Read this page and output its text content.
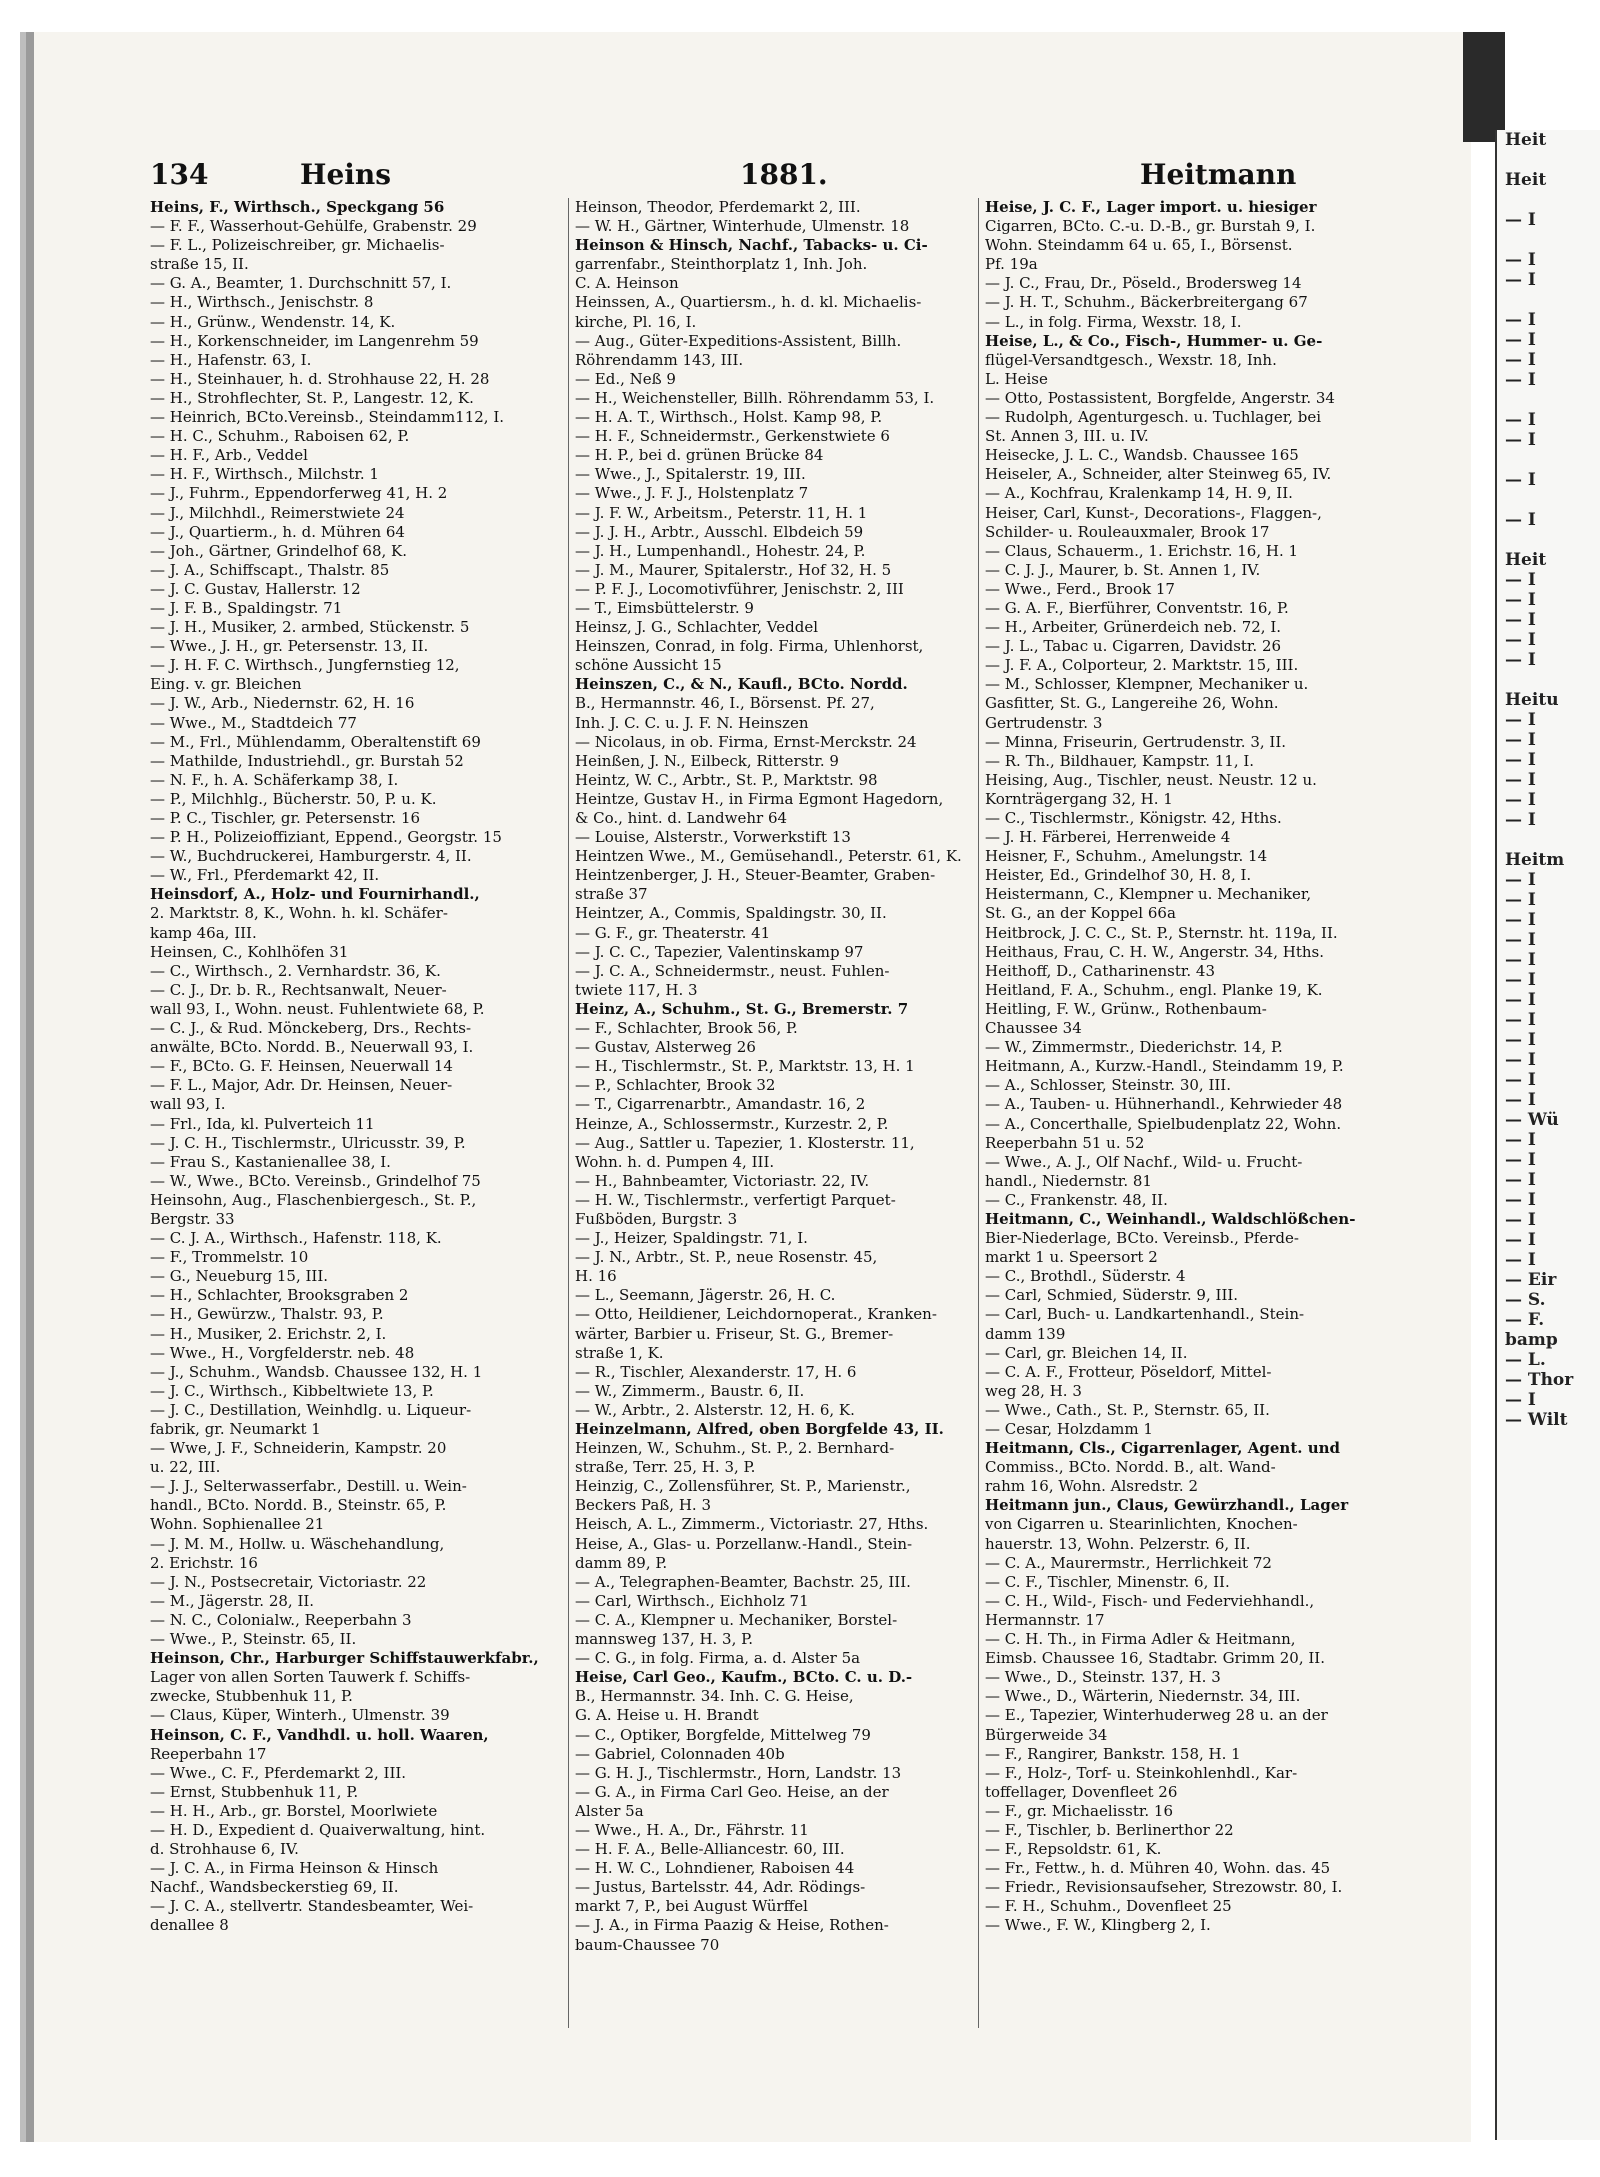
134	Heins	1881.	Heitmann
Heins, F., Wirthsch., Speckgang 56
— F. F., Wasserhout-Gehülfe, Grabenstr. 29
— F. L., Polizeischreiber, gr. Michaelis-
straße 15, II.
— G. A., Beamter, 1. Durchschnitt 57, I.
— H., Wirthsch., Jenischstr. 8
— H., Grünw., Wendenstr. 14, K.
— H., Korkenschneider, im Langenrehm 59
— H., Hafenstr. 63, I.
— H., Steinhauer, h. d. Strohhause 22, H. 28
— H., Strohflechter, St. P., Langestr. 12, K.
— Heinrich, BCto.Vereinsb., Steindamm112, I.
— H. C., Schuhm., Raboisen 62, P.
— H. F., Arb., Veddel
— H. F., Wirthsch., Milchstr. 1
— J., Fuhrm., Eppendorferweg 41, H. 2
— J., Milchhdl., Reimerstwiete 24
— J., Quartierm., h. d. Mühren 64
— Joh., Gärtner, Grindelhof 68, K.
— J. A., Schiffscapt., Thalstr. 85
— J. C. Gustav, Hallerstr. 12
— J. F. B., Spaldingstr. 71
— J. H., Musiker, 2. armbed, Stückenstr. 5
— Wwe., J. H., gr. Petersenstr. 13, II.
— J. H. F. C. Wirthsch., Jungfernstieg 12,
Eing. v. gr. Bleichen
— J. W., Arb., Niedernstr. 62, H. 16
— Wwe., M., Stadtdeich 77
— M., Frl., Mühlendamm, Oberaltenstift 69
— Mathilde, Industriehdl., gr. Burstah 52
— N. F., h. A. Schäferkamp 38, I.
— P., Milchhlg., Bücherstr. 50, P. u. K.
— P. C., Tischler, gr. Petersenstr. 16
— P. H., Polizeioffiziant, Eppend., Georgstr. 15
— W., Buchdruckerei, Hamburgerstr. 4, II.
— W., Frl., Pferdemarkt 42, II.
Heinsdorf, A., Holz- und Fournirhandl.,
2. Marktstr. 8, K., Wohn. h. kl. Schäfer-
kamp 46a, III.
Heinsen, C., Kohlhöfen 31
— C., Wirthsch., 2. Vernhardstr. 36, K.
— C. J., Dr. b. R., Rechtsanwalt, Neuer-
wall 93, I., Wohn. neust. Fuhlentwiete 68, P.
— C. J., & Rud. Mönckeberg, Drs., Rechts-
anwälte, BCto. Nordd. B., Neuerwall 93, I.
— F., BCto. G. F. Heinsen, Neuerwall 14
— F. L., Major, Adr. Dr. Heinsen, Neuer-
wall 93, I.
— Frl., Ida, kl. Pulverteich 11
— J. C. H., Tischlermstr., Ulricusstr. 39, P.
— Frau S., Kastanienallee 38, I.
— W., Wwe., BCto. Vereinsb., Grindelhof 75
Heinsohn, Aug., Flaschenbiergesch., St. P.,
Bergstr. 33
— C. J. A., Wirthsch., Hafenstr. 118, K.
— F., Trommelstr. 10
— G., Neueburg 15, III.
— H., Schlachter, Brooksgraben 2
— H., Gewürzw., Thalstr. 93, P.
— H., Musiker, 2. Erichstr. 2, I.
— Wwe., H., Vorgfelderstr. neb. 48
— J., Schuhm., Wandsb. Chaussee 132, H. 1
— J. C., Wirthsch., Kibbeltwiete 13, P.
— J. C., Destillation, Weinhdlg. u. Liqueur-
fabrik, gr. Neumarkt 1
— Wwe, J. F., Schneiderin, Kampstr. 20
u. 22, III.
— J. J., Selterwasserfabr., Destill. u. Wein-
handl., BCto. Nordd. B., Steinstr. 65, P.
Wohn. Sophienallee 21
— J. M. M., Hollw. u. Wäschehandlung,
2. Erichstr. 16
— J. N., Postsecretair, Victoriastr. 22
— M., Jägerstr. 28, II.
— N. C., Colonialw., Reeperbahn 3
— Wwe., P., Steinstr. 65, II.
Heinson, Chr., Harburger Schiffstauwerkfabr.,
Lager von allen Sorten Tauwerk f. Schiffs-
zwecke, Stubbenhuk 11, P.
— Claus, Küper, Winterh., Ulmenstr. 39
Heinson, C. F., Vandhdl. u. holl. Waaren,
Reeperbahn 17
— Wwe., C. F., Pferdemarkt 2, III.
— Ernst, Stubbenhuk 11, P.
— H. H., Arb., gr. Borstel, Moorlwiete
— H. D., Expedient d. Quaiverwaltung, hint.
d. Strohhause 6, IV.
— J. C. A., in Firma Heinson & Hinsch
Nachf., Wandsbeckerstieg 69, II.
— J. C. A., stellvertr. Standesbeamter, Wei-
denallee 8
Heinson, Theodor, Pferdemarkt 2, III.
— W. H., Gärtner, Winterhude, Ulmenstr. 18
Heinson & Hinsch, Nachf., Tabacks- u. Ci-
garrenfabr., Steinthorplatz 1, Inh. Joh.
C. A. Heinson
Heinssen, A., Quartiersm., h. d. kl. Michaelis-
kirche, Pl. 16, I.
— Aug., Güter-Expeditions-Assistent, Billh.
Röhrendamm 143, III.
— Ed., Neß 9
— H., Weichensteller, Billh. Röhrendamm 53, I.
— H. A. T., Wirthsch., Holst. Kamp 98, P.
— H. F., Schneidermstr., Gerkenstwiete 6
— H. P., bei d. grünen Brücke 84
— Wwe., J., Spitalerstr. 19, III.
— Wwe., J. F. J., Holstenplatz 7
— J. F. W., Arbeitsm., Peterstr. 11, H. 1
— J. J. H., Arbtr., Ausschl. Elbdeich 59
— J. H., Lumpenhandl., Hohestr. 24, P.
— J. M., Maurer, Spitalerstr., Hof 32, H. 5
— P. F. J., Locomotivführer, Jenischstr. 2, III
— T., Eimsbüttelerstr. 9
Heinsz, J. G., Schlachter, Veddel
Heinszen, Conrad, in folg. Firma, Uhlenhorst,
schöne Aussicht 15
Heinszen, C., & N., Kaufl., BCto. Nordd.
B., Hermannstr. 46, I., Börsenst. Pf. 27,
Inh. J. C. C. u. J. F. N. Heinszen
— Nicolaus, in ob. Firma, Ernst-Merckstr. 24
Heinßen, J. N., Eilbeck, Ritterstr. 9
Heintz, W. C., Arbtr., St. P., Marktstr. 98
Heintze, Gustav H., in Firma Egmont Hagedorn,
& Co., hint. d. Landwehr 64
— Louise, Alsterstr., Vorwerkstift 13
Heintzen Wwe., M., Gemüsehandl., Peterstr. 61, K.
Heintzenberger, J. H., Steuer-Beamter, Graben-
straße 37
Heintzer, A., Commis, Spaldingstr. 30, II.
— G. F., gr. Theaterstr. 41
— J. C. C., Tapezier, Valentinskamp 97
— J. C. A., Schneidermstr., neust. Fuhlen-
twiete 117, H. 3
Heinz, A., Schuhm., St. G., Bremerstr. 7
— F., Schlachter, Brook 56, P.
— Gustav, Alsterweg 26
— H., Tischlermstr., St. P., Marktstr. 13, H. 1
— P., Schlachter, Brook 32
— T., Cigarrenarbtr., Amandastr. 16, 2
Heinze, A., Schlossermstr., Kurzestr. 2, P.
— Aug., Sattler u. Tapezier, 1. Klosterstr. 11,
Wohn. h. d. Pumpen 4, III.
— H., Bahnbeamter, Victoriastr. 22, IV.
— H. W., Tischlermstr., verfertigt Parquet-
Fußböden, Burgstr. 3
— J., Heizer, Spaldingstr. 71, I.
— J. N., Arbtr., St. P., neue Rosenstr. 45,
H. 16
— L., Seemann, Jägerstr. 26, H. C.
— Otto, Heildiener, Leichdornoperat., Kranken-
wärter, Barbier u. Friseur, St. G., Bremer-
straße 1, K.
— R., Tischler, Alexanderstr. 17, H. 6
— W., Zimmerm., Baustr. 6, II.
— W., Arbtr., 2. Alsterstr. 12, H. 6, K.
Heinzelmann, Alfred, oben Borgfelde 43, II.
Heinzen, W., Schuhm., St. P., 2. Bernhard-
straße, Terr. 25, H. 3, P.
Heinzig, C., Zollensführer, St. P., Marienstr.,
Beckers Paß, H. 3
Heisch, A. L., Zimmerm., Victoriastr. 27, Hths.
Heise, A., Glas- u. Porzellanw.-Handl., Stein-
damm 89, P.
— A., Telegraphen-Beamter, Bachstr. 25, III.
— Carl, Wirthsch., Eichholz 71
— C. A., Klempner u. Mechaniker, Borstel-
mannsweg 137, H. 3, P.
— C. G., in folg. Firma, a. d. Alster 5a
Heise, Carl Geo., Kaufm., BCto. C. u. D.-
B., Hermannstr. 34. Inh. C. G. Heise,
G. A. Heise u. H. Brandt
— C., Optiker, Borgfelde, Mittelweg 79
— Gabriel, Colonnaden 40b
— G. H. J., Tischlermstr., Horn, Landstr. 13
— G. A., in Firma Carl Geo. Heise, an der
Alster 5a
— Wwe., H. A., Dr., Fährstr. 11
— H. F. A., Belle-Alliancestr. 60, III.
— H. W. C., Lohndiener, Raboisen 44
— Justus, Bartelsstr. 44, Adr. Rödings-
markt 7, P., bei August Würffel
— J. A., in Firma Paazig & Heise, Rothen-
baum-Chaussee 70
Heise, J. C. F., Lager import. u. hiesiger
Cigarren, BCto. C.-u. D.-B., gr. Burstah 9, I.
Wohn. Steindamm 64 u. 65, I., Börsenst.
Pf. 19a
— J. C., Frau, Dr., Pöseld., Brodersweg 14
— J. H. T., Schuhm., Bäckerbreitergang 67
— L., in folg. Firma, Wexstr. 18, I.
Heise, L., & Co., Fisch-, Hummer- u. Ge-
flügel-Versandtgesch., Wexstr. 18, Inh.
L. Heise
— Otto, Postassistent, Borgfelde, Angerstr. 34
— Rudolph, Agenturgesch. u. Tuchlager, bei
St. Annen 3, III. u. IV.
Heisecke, J. L. C., Wandsb. Chaussee 165
Heiseler, A., Schneider, alter Steinweg 65, IV.
— A., Kochfrau, Kralenkamp 14, H. 9, II.
Heiser, Carl, Kunst-, Decorations-, Flaggen-,
Schilder- u. Rouleauxmaler, Brook 17
— Claus, Schauerm., 1. Erichstr. 16, H. 1
— C. J. J., Maurer, b. St. Annen 1, IV.
— Wwe., Ferd., Brook 17
— G. A. F., Bierführer, Conventstr. 16, P.
— H., Arbeiter, Grünerdeich neb. 72, I.
— J. L., Tabac u. Cigarren, Davidstr. 26
— J. F. A., Colporteur, 2. Marktstr. 15, III.
— M., Schlosser, Klempner, Mechaniker u.
Gasfitter, St. G., Langereihe 26, Wohn.
Gertrudenstr. 3
— Minna, Friseurin, Gertrudenstr. 3, II.
— R. Th., Bildhauer, Kampstr. 11, I.
Heising, Aug., Tischler, neust. Neustr. 12 u.
Kornträgergang 32, H. 1
— C., Tischlermstr., Königstr. 42, Hths.
— J. H. Färberei, Herrenweide 4
Heisner, F., Schuhm., Amelungstr. 14
Heister, Ed., Grindelhof 30, H. 8, I.
Heistermann, C., Klempner u. Mechaniker,
St. G., an der Koppel 66a
Heitbrock, J. C. C., St. P., Sternstr. ht. 119a, II.
Heithaus, Frau, C. H. W., Angerstr. 34, Hths.
Heithoff, D., Catharinenstr. 43
Heitland, F. A., Schuhm., engl. Planke 19, K.
Heitling, F. W., Grünw., Rothenbaum-
Chaussee 34
— W., Zimmermstr., Diederichstr. 14, P.
Heitmann, A., Kurzw.-Handl., Steindamm 19, P.
— A., Schlosser, Steinstr. 30, III.
— A., Tauben- u. Hühnerhandl., Kehrwieder 48
— A., Concerthalle, Spielbudenplatz 22, Wohn.
Reeperbahn 51 u. 52
— Wwe., A. J., Olf Nachf., Wild- u. Frucht-
handl., Niedernstr. 81
— C., Frankenstr. 48, II.
Heitmann, C., Weinhandl., Waldschlößchen-
Bier-Niederlage, BCto. Vereinsb., Pferde-
markt 1 u. Speersort 2
— C., Brothdl., Süderstr. 4
— Carl, Schmied, Süderstr. 9, III.
— Carl, Buch- u. Landkartenhandl., Stein-
damm 139
— Carl, gr. Bleichen 14, II.
— C. A. F., Frotteur, Pöseldorf, Mittel-
weg 28, H. 3
— Wwe., Cath., St. P., Sternstr. 65, II.
— Cesar, Holzdamm 1
Heitmann, Cls., Cigarrenlager, Agent. und
Commiss., BCto. Nordd. B., alt. Wand-
rahm 16, Wohn. Alsredstr. 2
Heitmann jun., Claus, Gewürzhandl., Lager
von Cigarren u. Stearinlichten, Knochen-
hauerstr. 13, Wohn. Pelzerstr. 6, II.
— C. A., Maurermstr., Herrlichkeit 72
— C. F., Tischler, Minenstr. 6, II.
— C. H., Wild-, Fisch- und Federviehhandl.,
Hermannstr. 17
— C. H. Th., in Firma Adler & Heitmann,
Eimsb. Chaussee 16, Stadtabr. Grimm 20, II.
— Wwe., D., Steinstr. 137, H. 3
— Wwe., D., Wärterin, Niedernstr. 34, III.
— E., Tapezier, Winterhuderweg 28 u. an der
Bürgerweide 34
— F., Rangirer, Bankstr. 158, H. 1
— F., Holz-, Torf- u. Steinkohlenhdl., Kar-
toffellager, Dovenfleet 26
— F., gr. Michaelisstr. 16
— F., Tischler, b. Berlinerthor 22
— F., Repsoldstr. 61, K.
— Fr., Fettw., h. d. Mühren 40, Wohn. das. 45
— Friedr., Revisionsaufseher, Strezowstr. 80, I.
— F. H., Schuhm., Dovenfleet 25
— Wwe., F. W., Klingberg 2, I.
Heit

Heit

— I

— I
— I

— I
— I
— I
— I

— I
— I

— I

— I

Heit
— I
— I
— I
— I
— I

Heitu
— I
— I
— I
— I
— I
— I

Heitm
— I
— I
— I
— I
— I
— I
— I
— I
— I
— I
— I
— I
— Wü
— I
— I
— I
— I
— I
— I
— I
— Eir
— S.
— F.
bamp
— L.
— Thor
— I
— Wilt
